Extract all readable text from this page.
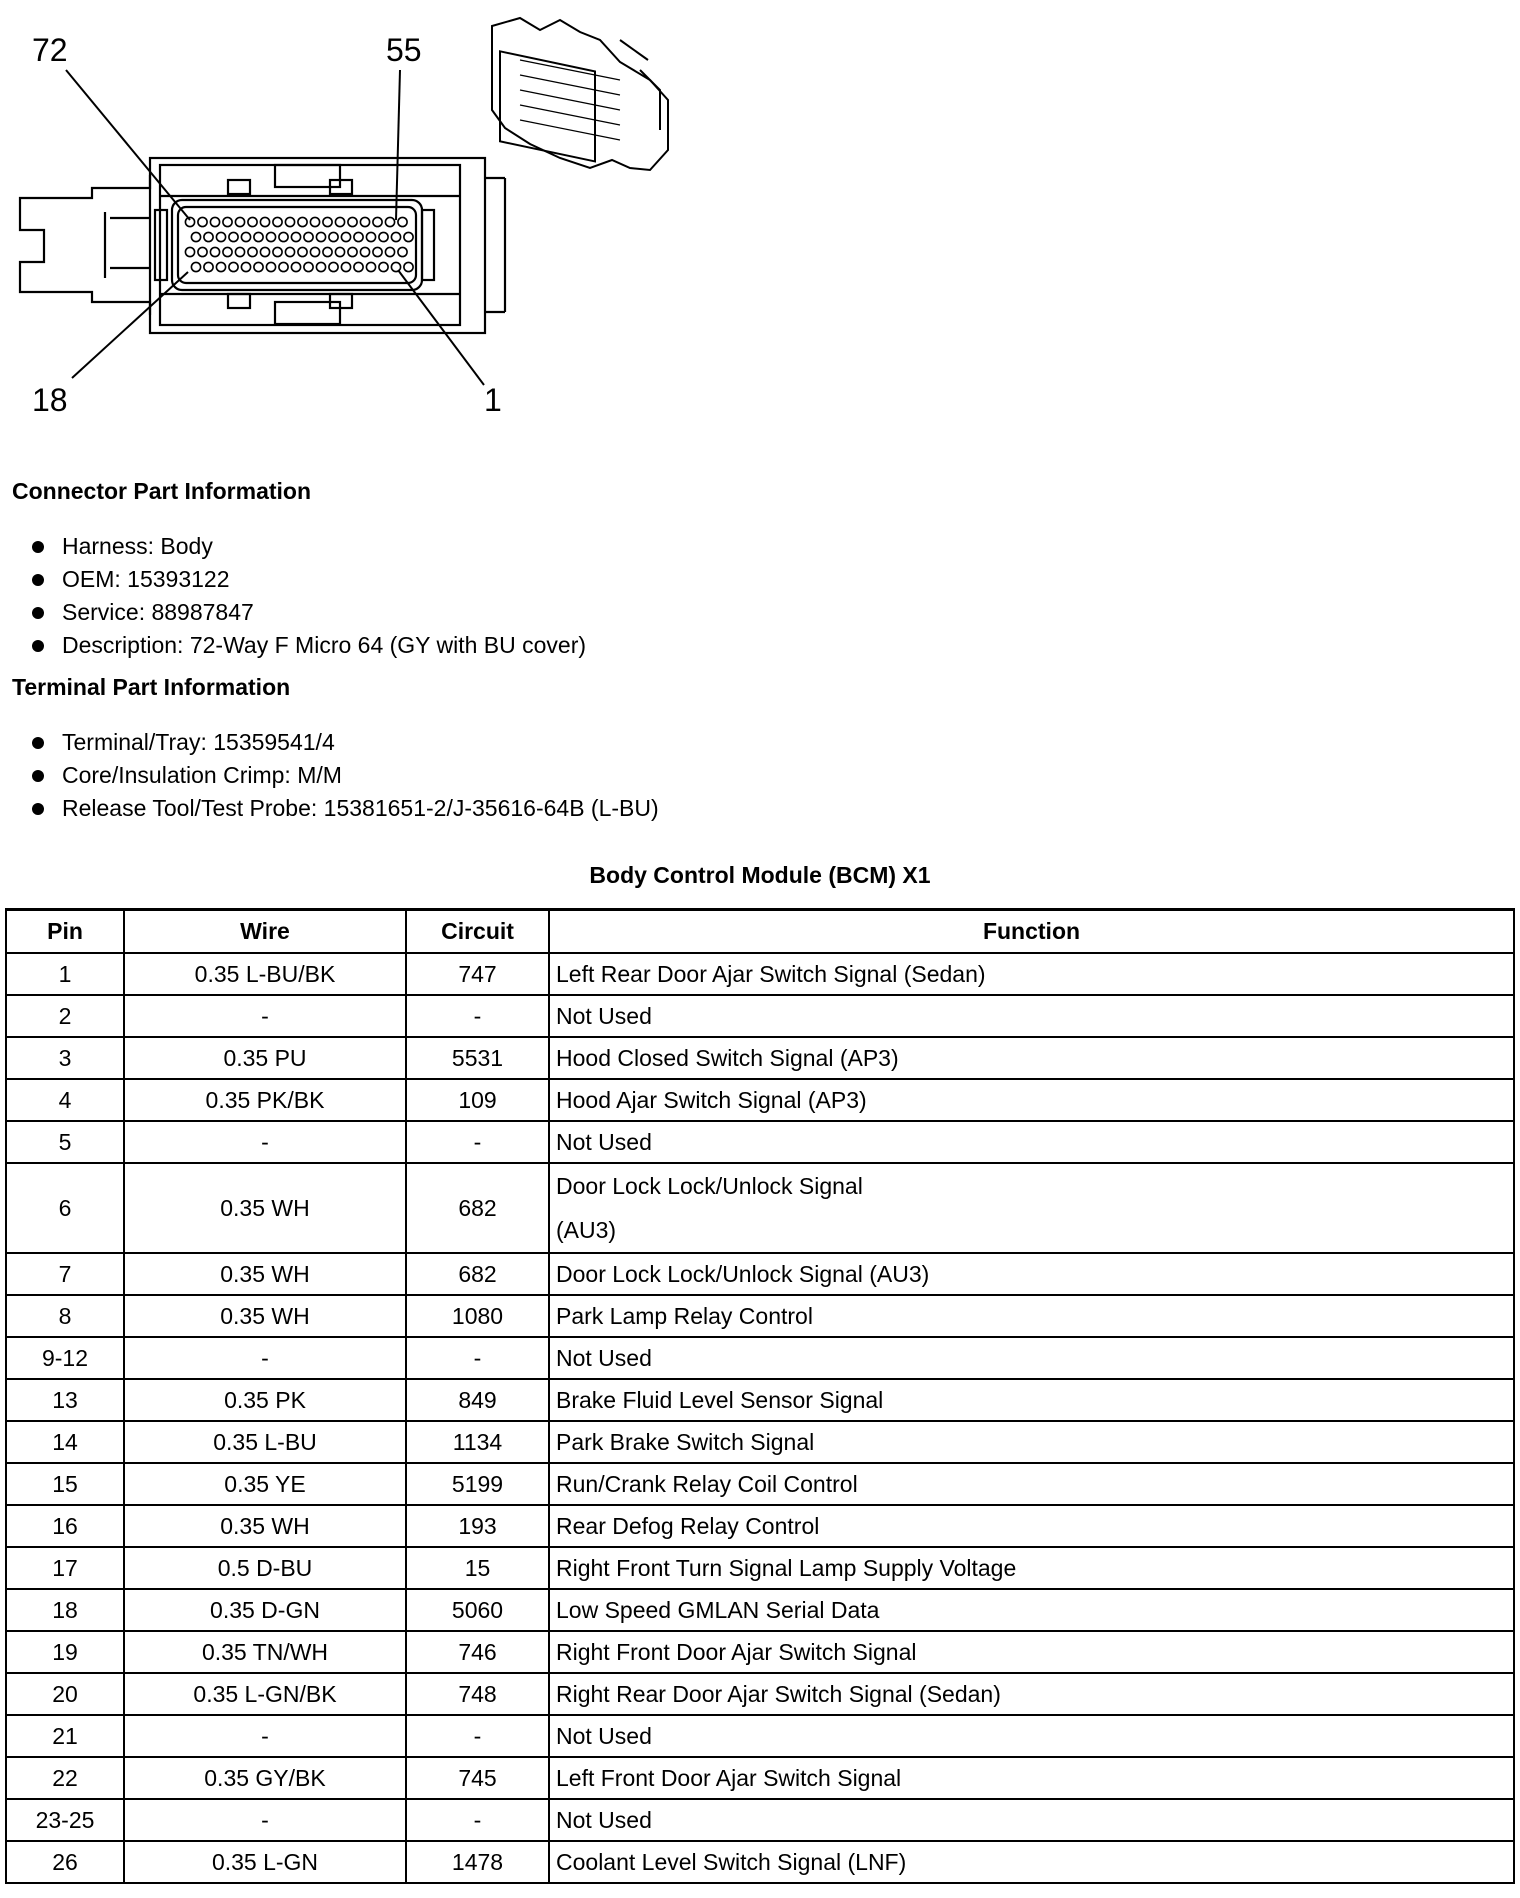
72	55
18	1
Connector Part Information
Harness: Body
OEM: 15393122
Service: 88987847
Description: 72-Way F Micro 64 (GY with BU cover)
Terminal Part Information
Terminal/Tray: 15359541/4
Core/Insulation Crimp: M/M
Release Tool/Test Probe: 15381651-2/J-35616-64B (L-BU)
Body Control Module (BCM) X1
Pin	Wire	Circuit	Function
1	0.35 L-BU/BK	747	Left Rear Door Ajar Switch Signal (Sedan)
2	-	-	Not Used
3	0.35 PU	5531	Hood Closed Switch Signal (AP3)
4	0.35 PK/BK	109	Hood Ajar Switch Signal (AP3)
5	-	-	Not Used
6	0.35 WH	682	Door Lock Lock/Unlock Signal
(AU3)

7	0.35 WH	682	Door Lock Lock/Unlock Signal (AU3)
8	0.35 WH	1080	Park Lamp Relay Control
9-12	-	-	Not Used
13	0.35 PK	849	Brake Fluid Level Sensor Signal
14	0.35 L-BU	1134	Park Brake Switch Signal
15	0.35 YE	5199	Run/Crank Relay Coil Control
16	0.35 WH	193	Rear Defog Relay Control
17	0.5 D-BU	15	Right Front Turn Signal Lamp Supply Voltage
18	0.35 D-GN	5060	Low Speed GMLAN Serial Data
19	0.35 TN/WH	746	Right Front Door Ajar Switch Signal
20	0.35 L-GN/BK	748	Right Rear Door Ajar Switch Signal (Sedan)
21	-	-	Not Used
22	0.35 GY/BK	745	Left Front Door Ajar Switch Signal
23-25	-	-	Not Used
26	0.35 L-GN	1478	Coolant Level Switch Signal (LNF)
